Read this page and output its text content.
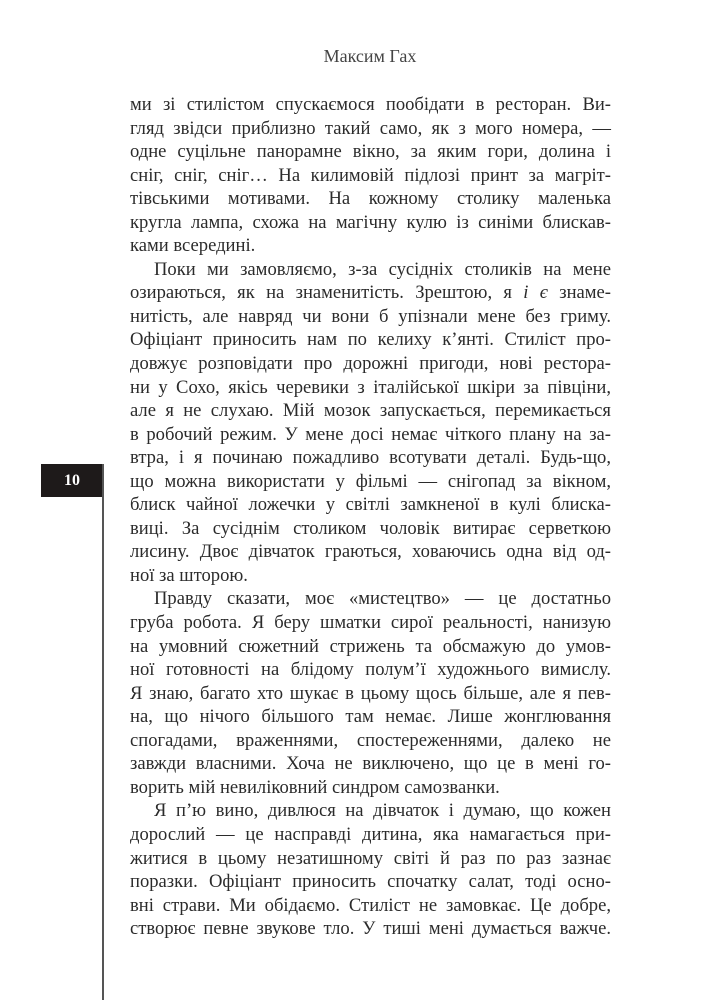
Максим Гах
10
ми зі стилістом спускаємося пообідати в ресторан. Ви-
гляд звідси приблизно такий само, як з мого номера, —
одне суцільне панорамне вікно, за яким гори, долина і
сніг, сніг, сніг… На килимовій підлозі принт за магріт-
тівськими мотивами. На кожному столику маленька
кругла лампа, схожа на магічну кулю із синіми блискав-
ками всередині.
Поки ми замовляємо, з-за сусідніх столиків на мене
озираються, як на знаменитість. Зрештою, я і є знаме-
нитість, але навряд чи вони б упізнали мене без гриму.
Офіціант приносить нам по келиху к’янті. Стиліст про-
довжує розповідати про дорожні пригоди, нові рестора-
ни у Сохо, якісь черевики з італійської шкіри за півціни,
але я не слухаю. Мій мозок запускається, перемикається
в робочий режим. У мене досі немає чіткого плану на за-
втра, і я починаю пожадливо всотувати деталі. Будь-що,
що можна використати у фільмі — снігопад за вікном,
блиск чайної ложечки у світлі замкненої в кулі блиска-
виці. За сусіднім столиком чоловік витирає серветкою
лисину. Двоє дівчаток граються, ховаючись одна від од-
ної за шторою.
Правду сказати, моє «мистецтво» — це достатньо
груба робота. Я беру шматки сирої реальності, нанизую
на умовний сюжетний стрижень та обсмажую до умов-
ної готовності на блідому полум’ї художнього вимислу.
Я знаю, багато хто шукає в цьому щось більше, але я пев-
на, що нічого більшого там немає. Лише жонглювання
спогадами, враженнями, спостереженнями, далеко не
завжди власними. Хоча не виключено, що це в мені го-
ворить мій невиліковний синдром самозванки.
Я п’ю вино, дивлюся на дівчаток і думаю, що кожен
дорослий — це насправді дитина, яка намагається при-
житися в цьому незатишному світі й раз по раз зазнає
поразки. Офіціант приносить спочатку салат, тоді осно-
вні страви. Ми обідаємо. Стиліст не замовкає. Це добре,
створює певне звукове тло. У тиші мені думається важче.
